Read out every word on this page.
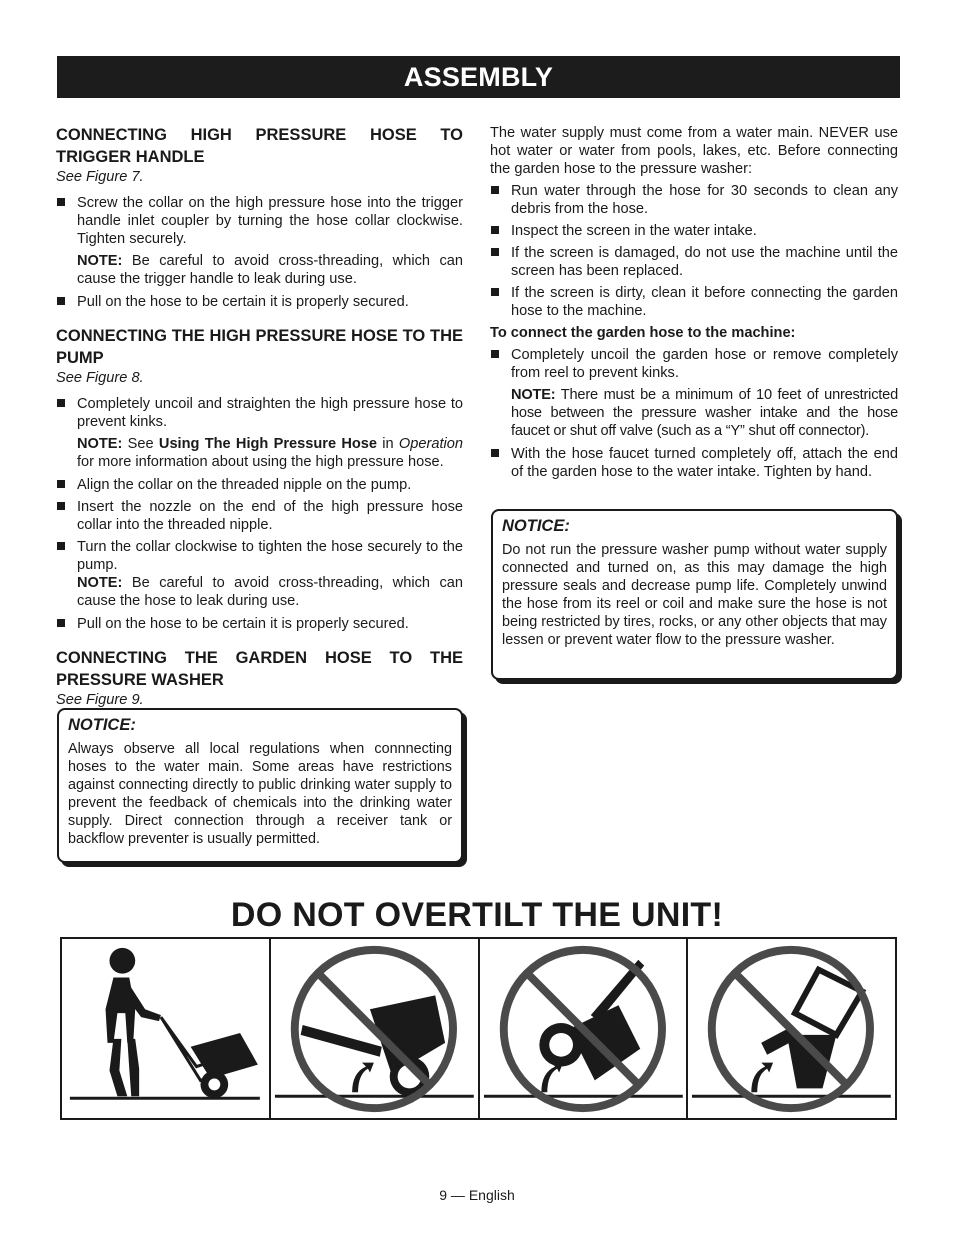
ASSEMBLY
CONNECTING HIGH PRESSURE HOSE TO TRIGGER HANDLE

See Figure 7.

Screw the collar on the high pressure hose into the trigger handle inlet coupler by turning the hose collar clockwise. Tighten securely.

NOTE: Be careful to avoid cross-threading, which can cause the trigger handle to leak during use.

Pull on the hose to be certain it is properly secured.

CONNECTING THE HIGH PRESSURE HOSE TO THE PUMP

See Figure 8.

Completely uncoil and straighten the high pressure hose to prevent kinks.

NOTE: See Using The High Pressure Hose in Operation for more information about using the high pressure hose.

Align the collar on the threaded nipple on the pump.

Insert the nozzle on the end of the high pressure hose collar into the threaded nipple.

Turn the collar clockwise to tighten the hose securely to the pump.

NOTE: Be careful to avoid cross-threading, which can cause the hose to leak during use.

Pull on the hose to be certain it is properly secured.

CONNECTING THE GARDEN HOSE TO THE PRESSURE WASHER

See Figure 9.

NOTICE:

Always observe all local regulations when connnecting hoses to the water main. Some areas have restrictions against connecting directly to public drinking water supply to prevent the feedback of chemicals into the drinking water supply. Direct connection through a receiver tank or backflow preventer is usually permitted.

The water supply must come from a water main. NEVER use hot water or water from pools, lakes, etc. Before connecting the garden hose to the pressure washer:

Run water through the hose for 30 seconds to clean any debris from the hose.

Inspect the screen in the water intake.

If the screen is damaged, do not use the machine until the screen has been replaced.

If the screen is dirty, clean it before connecting the garden hose to the machine.

To connect the garden hose to the machine:

Completely uncoil the garden hose or remove completely from reel to prevent kinks.

NOTE: There must be a minimum of 10 feet of unrestricted hose between the pressure washer intake and the hose faucet or shut off valve (such as a “Y” shut off connector).

With the hose faucet turned completely off, attach the end of the garden hose to the water intake. Tighten by hand.

NOTICE:

Do not run the pressure washer pump without water supply connected and turned on, as this may damage the high pressure seals and decrease pump life. Completely unwind the hose from its reel or coil and make sure the hose is not being restricted by tires, rocks, or any other objects that may lessen or prevent water flow to the pressure washer.

DO NOT OVERTILT THE UNIT!
9 — English
